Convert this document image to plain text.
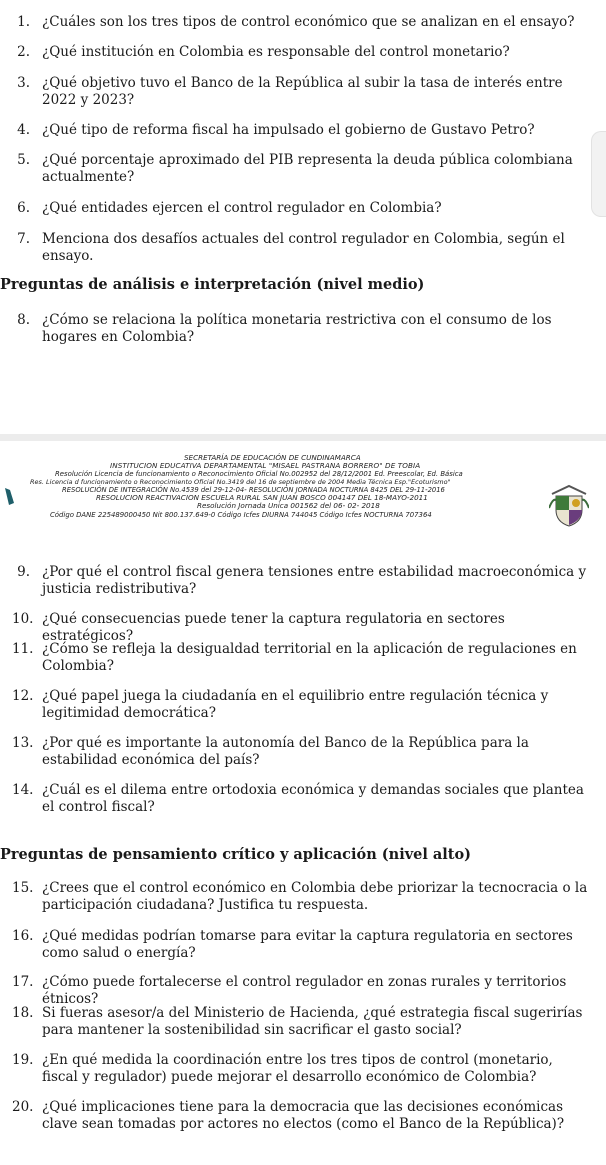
1. ¿Cuáles son los tres tipos de control económico que se analizan en el ensayo?
2. ¿Qué institución en Colombia es responsable del control monetario?
3. ¿Qué objetivo tuvo el Banco de la República al subir la tasa de interés entre 2022 y 2023?
4. ¿Qué tipo de reforma fiscal ha impulsado el gobierno de Gustavo Petro?
5. ¿Qué porcentaje aproximado del PIB representa la deuda pública colombiana actualmente?
6. ¿Qué entidades ejercen el control regulador en Colombia?
7. Menciona dos desafíos actuales del control regulador en Colombia, según el ensayo.
Preguntas de análisis e interpretación (nivel medio)
8. ¿Cómo se relaciona la política monetaria restrictiva con el consumo de los hogares en Colombia?
SECRETARÍA DE EDUCACIÓN DE CUNDINAMARCA
INSTITUCION EDUCATIVA DEPARTAMENTAL "MISAEL PASTRANA BORRERO" DE TOBIA
Resolución Licencia de funcionamiento o Reconocimiento Oficial No.002952 del 28/12/2001 Ed. Preescolar, Ed. Básica
Res. Licencia d funcionamiento o Reconocimiento Oficial No.3419 del 16 de septiembre de 2004 Media Técnica Esp."Ecoturismo"
RESOLUCIÓN DE INTEGRACIÓN No.4539 del 29-12-04- RESOLUCIÓN JORNADA NOCTURNA 8425 DEL 29-11-2016
RESOLUCION REACTIVACION ESCUELA RURAL SAN JUAN BOSCO 004147 DEL 18-MAYO-2011
Resolución Jornada Unica 001562 del 06- 02- 2018
Código DANE 225489000450 Nit 800.137.649-0 Código Icfes DIURNA 744045 Código Icfes NOCTURNA 707364
9. ¿Por qué el control fiscal genera tensiones entre estabilidad macroeconómica y justicia redistributiva?
10. ¿Qué consecuencias puede tener la captura regulatoria en sectores estratégicos?
11. ¿Cómo se refleja la desigualdad territorial en la aplicación de regulaciones en Colombia?
12. ¿Qué papel juega la ciudadanía en el equilibrio entre regulación técnica y legitimidad democrática?
13. ¿Por qué es importante la autonomía del Banco de la República para la estabilidad económica del país?
14. ¿Cuál es el dilema entre ortodoxia económica y demandas sociales que plantea el control fiscal?
Preguntas de pensamiento crítico y aplicación (nivel alto)
15. ¿Crees que el control económico en Colombia debe priorizar la tecnocracia o la participación ciudadana? Justifica tu respuesta.
16. ¿Qué medidas podrían tomarse para evitar la captura regulatoria en sectores como salud o energía?
17. ¿Cómo puede fortalecerse el control regulador en zonas rurales y territorios étnicos?
18. Si fueras asesor/a del Ministerio de Hacienda, ¿qué estrategia fiscal sugerirías para mantener la sostenibilidad sin sacrificar el gasto social?
19. ¿En qué medida la coordinación entre los tres tipos de control (monetario, fiscal y regulador) puede mejorar el desarrollo económico de Colombia?
20. ¿Qué implicaciones tiene para la democracia que las decisiones económicas clave sean tomadas por actores no electos (como el Banco de la República)?
